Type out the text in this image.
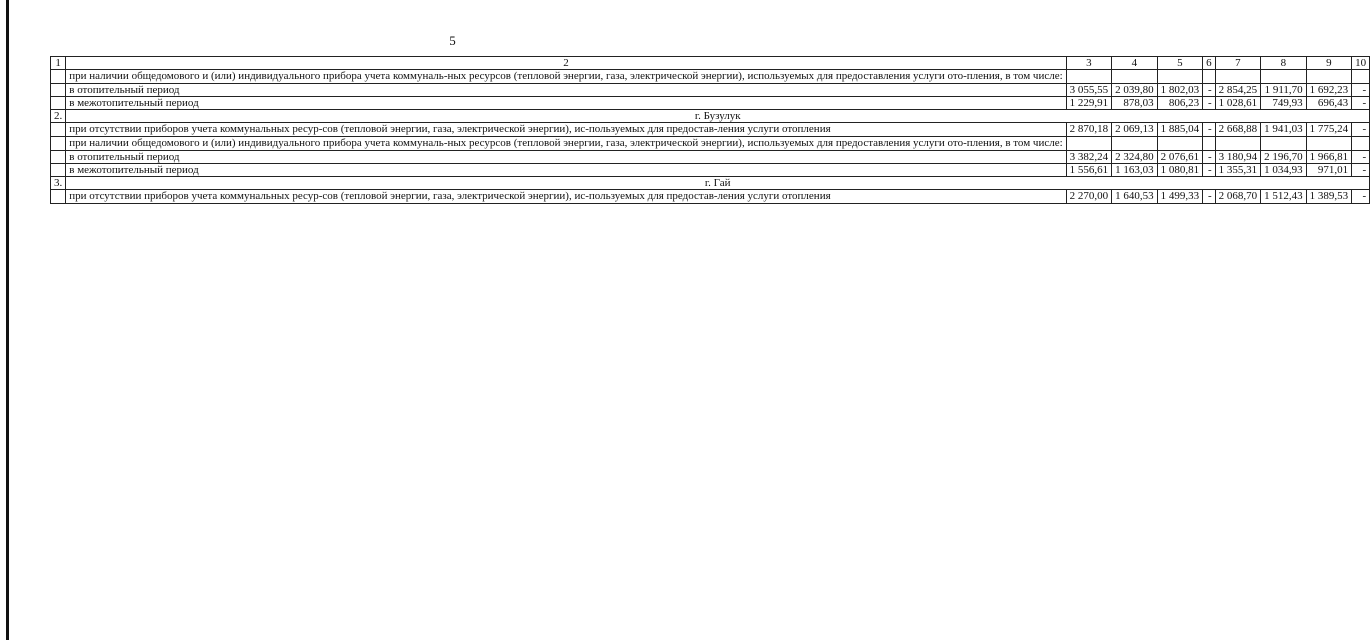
5
1	2	3	4	5	6	7	8	9	10
	при наличии общедомового и (или) индивидуального прибора учета коммуналь-ных ресурсов (тепловой энергии, газа, электрической энергии), используемых для предоставления услуги ото-пления, в том числе:								
	в отопительный период	3 055,55	2 039,80	1 802,03	-	2 854,25	1 911,70	1 692,23	-
	в межотопительный период	1 229,91	878,03	806,23	-	1 028,61	749,93	696,43	-
2.	г. Бузулук								
	при отсутствии приборов учета коммунальных ресур-сов (тепловой энергии, газа, электрической энергии), ис-пользуемых для предостав-ления услуги отопления	2 870,18	2 069,13	1 885,04	-	2 668,88	1 941,03	1 775,24	-
	при наличии общедомового и (или) индивидуального прибора учета коммуналь-ных ресурсов (тепловой энергии, газа, электрической энергии), используемых для предоставления услуги ото-пления, в том числе:								
	в отопительный период	3 382,24	2 324,80	2 076,61	-	3 180,94	2 196,70	1 966,81	-
	в межотопительный период	1 556,61	1 163,03	1 080,81	-	1 355,31	1 034,93	971,01	-
3.	г. Гай								
	при отсутствии приборов учета коммунальных ресур-сов (тепловой энергии, газа, электрической энергии), ис-пользуемых для предостав-ления услуги отопления	2 270,00	1 640,53	1 499,33	-	2 068,70	1 512,43	1 389,53	-
